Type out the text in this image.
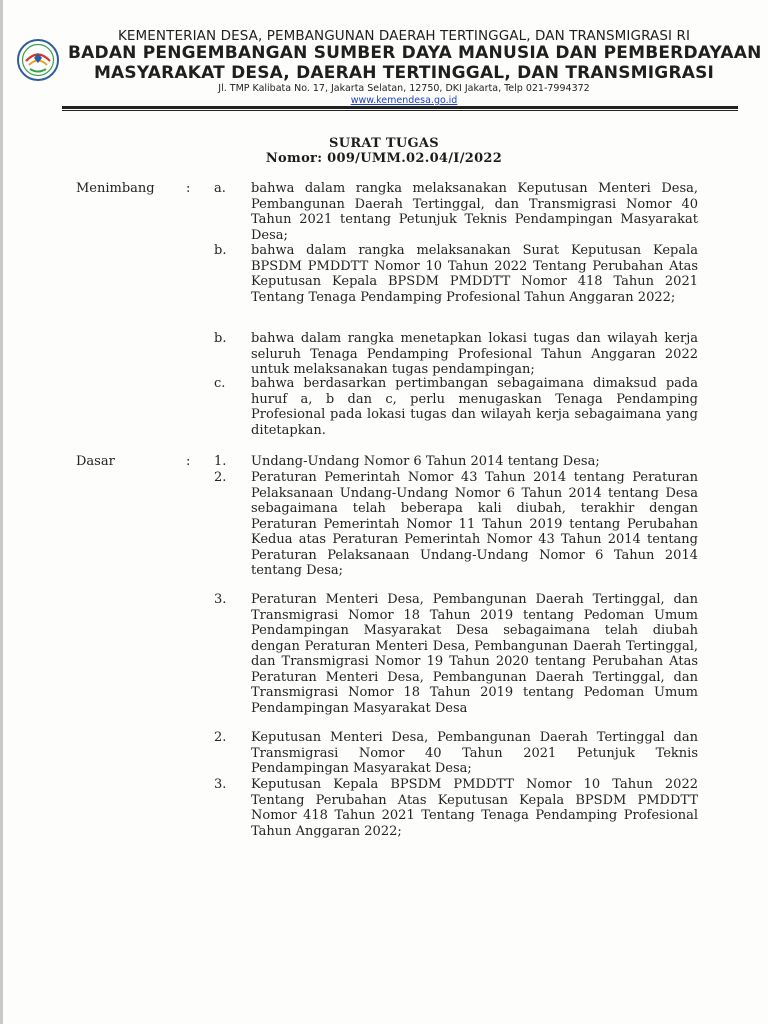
KEMENTERIAN DESA, PEMBANGUNAN DAERAH TERTINGGAL, DAN TRANSMIGRASI RI
BADAN PENGEMBANGAN SUMBER DAYA MANUSIA DAN PEMBERDAYAAN
MASYARAKAT DESA, DAERAH TERTINGGAL, DAN TRANSMIGRASI
Jl. TMP Kalibata No. 17, Jakarta Selatan, 12750, DKI Jakarta, Telp 021-7994372
www.kemendesa.go.id
SURAT TUGAS
Nomor: 009/UMM.02.04/I/2022
Menimbang : a. bahwa dalam rangka melaksanakan Keputusan Menteri Desa, Pembangunan Daerah Tertinggal, dan Transmigrasi Nomor 40 Tahun 2021 tentang Petunjuk Teknis Pendampingan Masyarakat Desa;
b. bahwa dalam rangka melaksanakan Surat Keputusan Kepala BPSDM PMDDTT Nomor 10 Tahun 2022 Tentang Perubahan Atas Keputusan Kepala BPSDM PMDDTT Nomor 418 Tahun 2021 Tentang Tenaga Pendamping Profesional Tahun Anggaran 2022;
b. bahwa dalam rangka menetapkan lokasi tugas dan wilayah kerja seluruh Tenaga Pendamping Profesional Tahun Anggaran 2022 untuk melaksanakan tugas pendampingan;
c. bahwa berdasarkan pertimbangan sebagaimana dimaksud pada huruf a, b dan c, perlu menugaskan Tenaga Pendamping Profesional pada lokasi tugas dan wilayah kerja sebagaimana yang ditetapkan.
Dasar	: 1. Undang-Undang Nomor 6 Tahun 2014 tentang Desa;
2. Peraturan Pemerintah Nomor 43 Tahun 2014 tentang Peraturan Pelaksanaan Undang-Undang Nomor 6 Tahun 2014 tentang Desa sebagaimana telah beberapa kali diubah, terakhir dengan Peraturan Pemerintah Nomor 11 Tahun 2019 tentang Perubahan Kedua atas Peraturan Pemerintah Nomor 43 Tahun 2014 tentang Peraturan Pelaksanaan Undang-Undang Nomor 6 Tahun 2014 tentang Desa;
3. Peraturan Menteri Desa, Pembangunan Daerah Tertinggal, dan Transmigrasi Nomor 18 Tahun 2019 tentang Pedoman Umum Pendampingan Masyarakat Desa sebagaimana telah diubah dengan Peraturan Menteri Desa, Pembangunan Daerah Tertinggal, dan Transmigrasi Nomor 19 Tahun 2020 tentang Perubahan Atas Peraturan Menteri Desa, Pembangunan Daerah Tertinggal, dan Transmigrasi Nomor 18 Tahun 2019 tentang Pedoman Umum Pendampingan Masyarakat Desa
2. Keputusan Menteri Desa, Pembangunan Daerah Tertinggal dan Transmigrasi Nomor 40 Tahun 2021 Petunjuk Teknis Pendampingan Masyarakat Desa;
3. Keputusan Kepala BPSDM PMDDTT Nomor 10 Tahun 2022 Tentang Perubahan Atas Keputusan Kepala BPSDM PMDDTT Nomor 418 Tahun 2021 Tentang Tenaga Pendamping Profesional Tahun Anggaran 2022;
